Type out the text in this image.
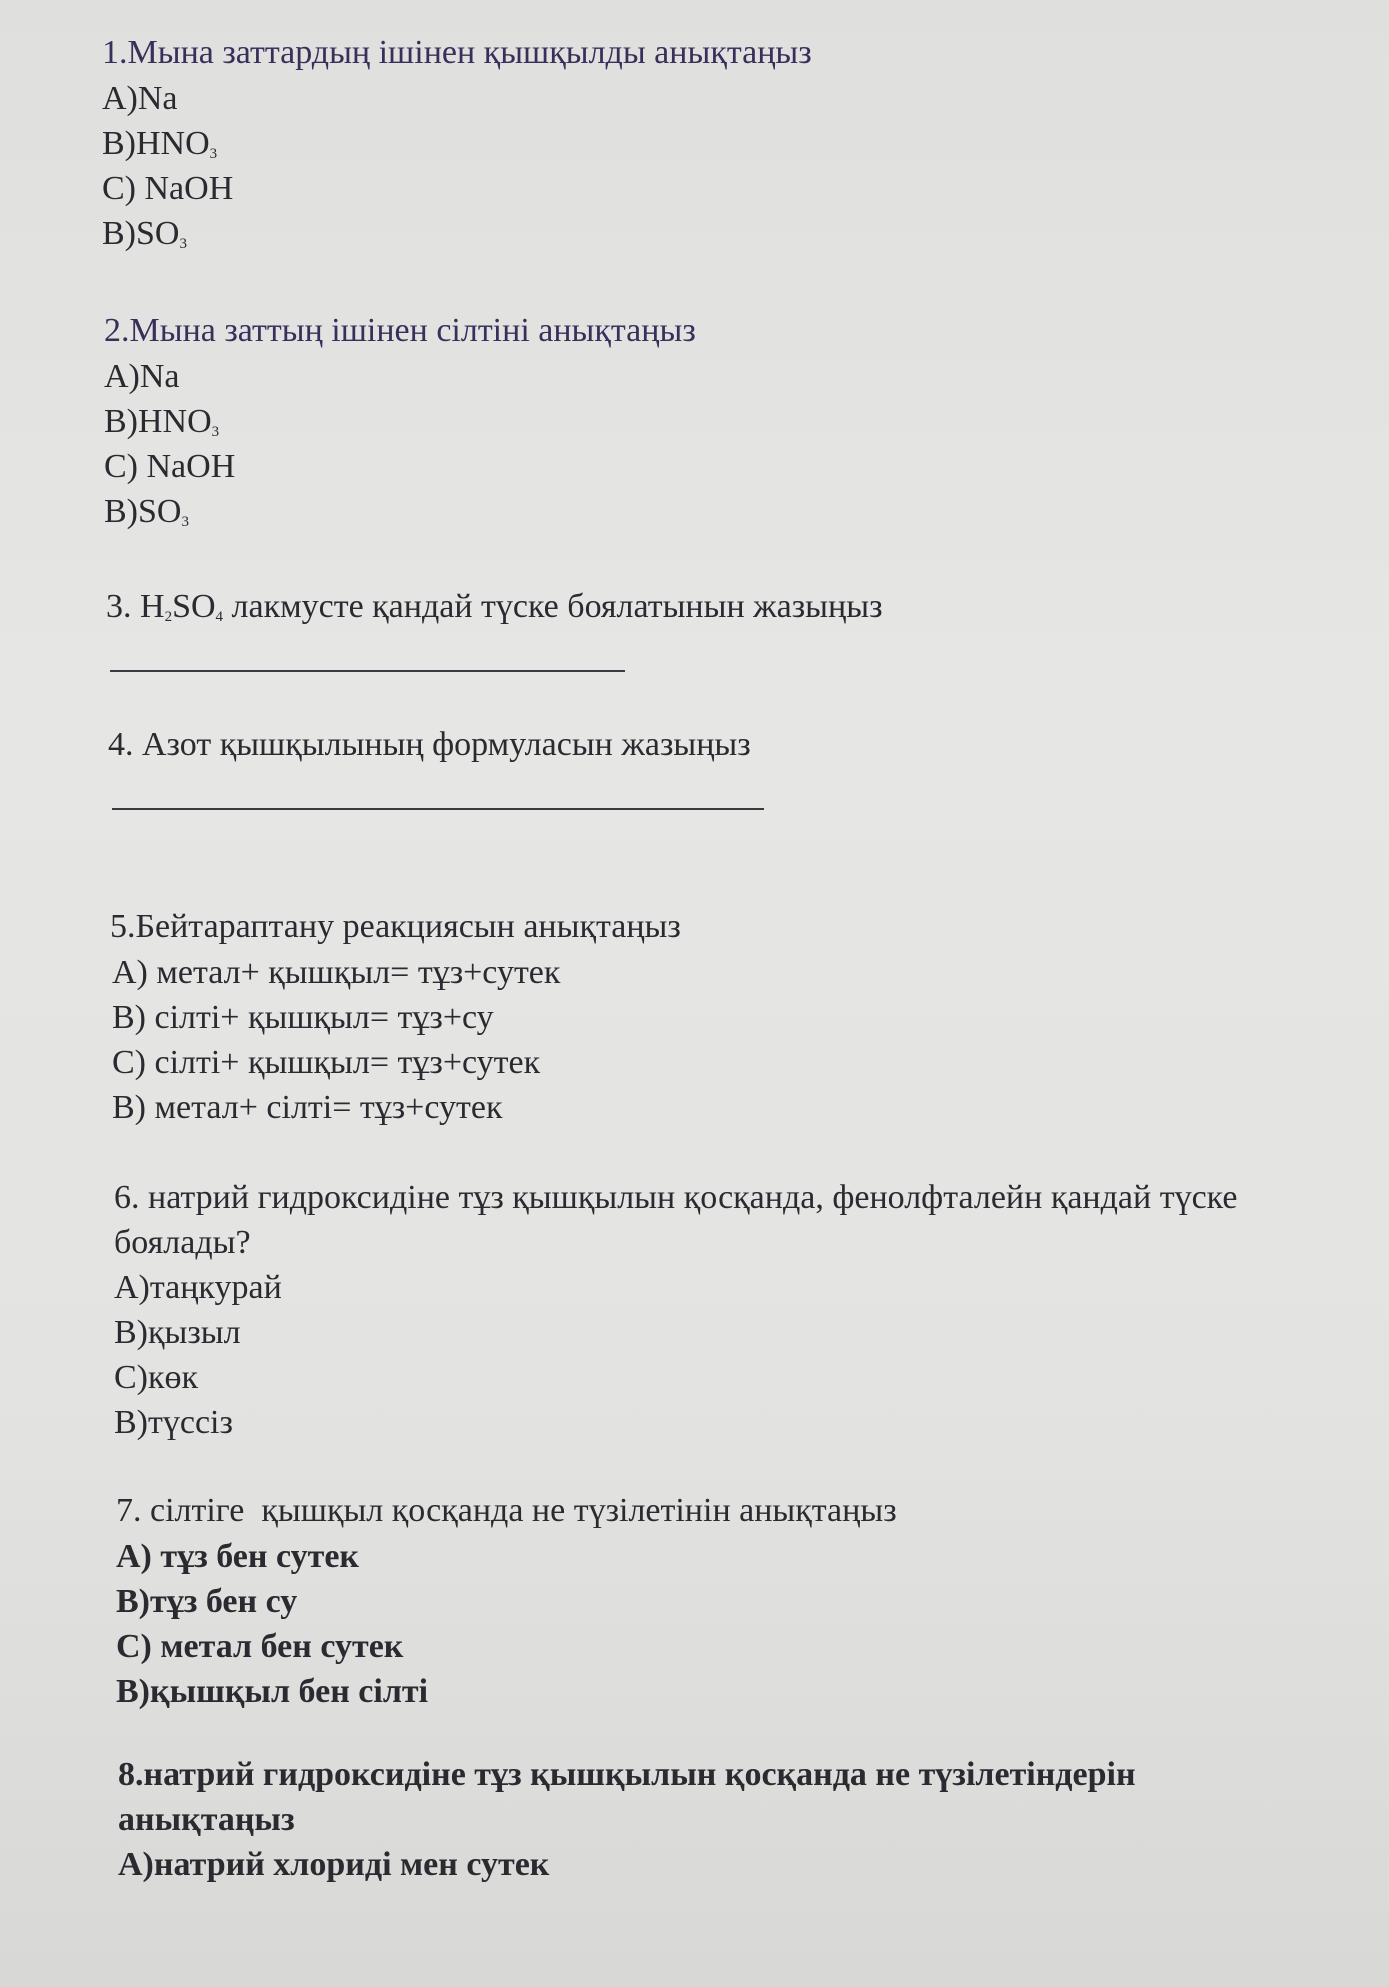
1.Мына заттардың ішінен қышқылды анықтаңыз
А)Na
$В)HNO_3$
С) NaOH
$В)SO_3$
2.Мына заттың ішінен сілтіні анықтаңыз
А)Na
$В)HNO_3$
С) NaOH
$В)SO_3$
3. $H_2SO_4$ лакмусте қандай түске боялатынын жазыңыз
4. Азот қышқылының формуласын жазыңыз
5.Бейтараптану реакциясын анықтаңыз
А) метал+ қышқыл= тұз+сутек
В) сілті+ қышқыл= тұз+су
С) сілті+ қышқыл= тұз+сутек
В) метал+ сілті= тұз+сутек
6. натрий гидроксидіне тұз қышқылын қосқанда, фенолфталейн қандай түске боялады?
А)таңкурай
В)қызыл
С)көк
В)түссіз
7. сілтіге  қышқыл қосқанда не түзілетінін анықтаңыз
А) тұз бен сутек
В)тұз бен су
С) метал бен сутек
В)қышқыл бен сілті
8.натрий гидроксидіне тұз қышқылын қосқанда не түзілетіндерін анықтаңыз
А)натрий хлориді мен сутек
